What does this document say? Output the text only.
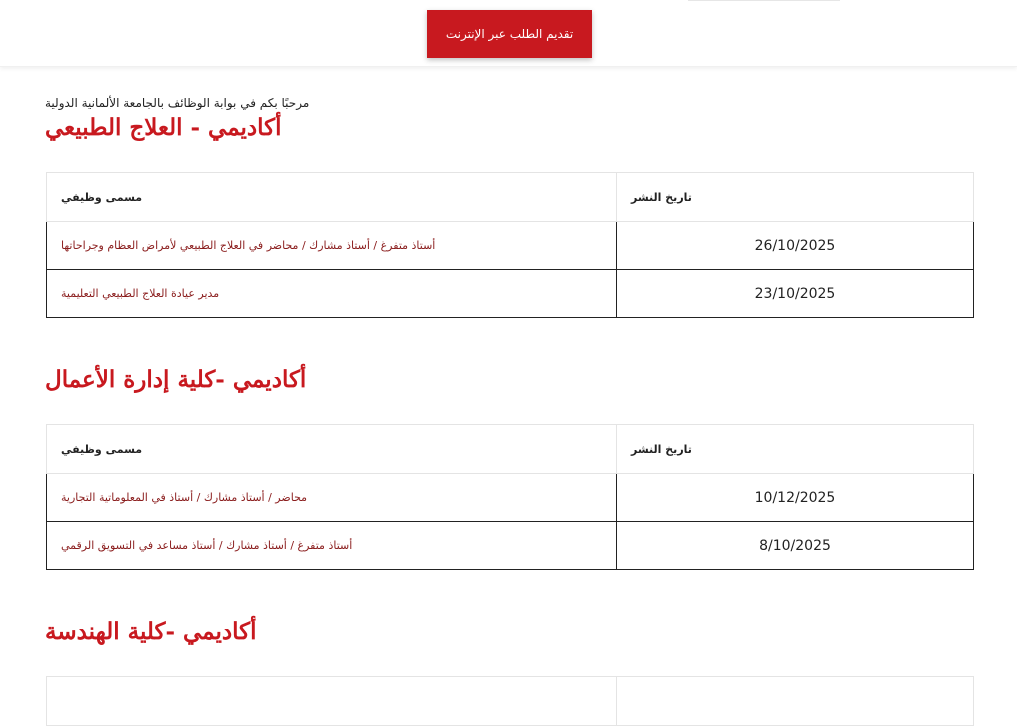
تقديم الطلب عبر الإنترنت
مرحبًا بكم في بوابة الوظائف بالجامعة الألمانية الدولية
أكاديمي - العلاج الطبيعي
مسمى وظيفي	تاريخ النشر
أستاذ متفرغ / أستاذ مشارك / محاضر في العلاج الطبيعي لأمراض العظام وجراحاتها	26/10/2025
مدير عيادة العلاج الطبيعي التعليمية	23/10/2025
أكاديمي -كلية إدارة الأعمال
مسمى وظيفي	تاريخ النشر
محاضر / أستاذ مشارك / أستاذ في المعلوماتية التجارية	10/12/2025
أستاذ متفرغ / أستاذ مشارك / أستاذ مساعد في التسويق الرقمي	8/10/2025
أكاديمي -كلية الهندسة
